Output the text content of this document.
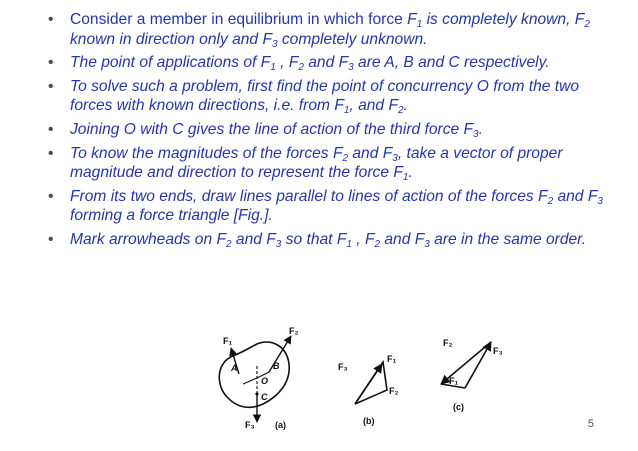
• Consider a member in equilibrium in which force $F_1$ is completely known, $F_2$ known in direction only and $F_3$ completely unknown.
• The point of applications of $F_1$ , $F_2$ and $F_3$ are A, B and C respectively.
• To solve such a problem, first find the point of concurrency O from the two forces with known directions, i.e. from $F_1$, and $F_2$.
• Joining O with C gives the line of action of the third force $F_3$.
• To know the magnitudes of the forces $F_2$ and $F_3$, take a vector of proper magnitude and direction to represent the force $F_1$.
• From its two ends, draw lines parallel to lines of action of the forces $F_2$ and $F_3$ forming a force triangle [Fig.].
• Mark arrowheads on $F_2$ and $F_3$ so that $F_1$ , $F_2$ and $F_3$ are in the same order.
F₁
F₂
F₃
A	B
O
C
(a)
F₃
F₁
F₂
(b)
F₂
F₃
F₁
(c)
5
